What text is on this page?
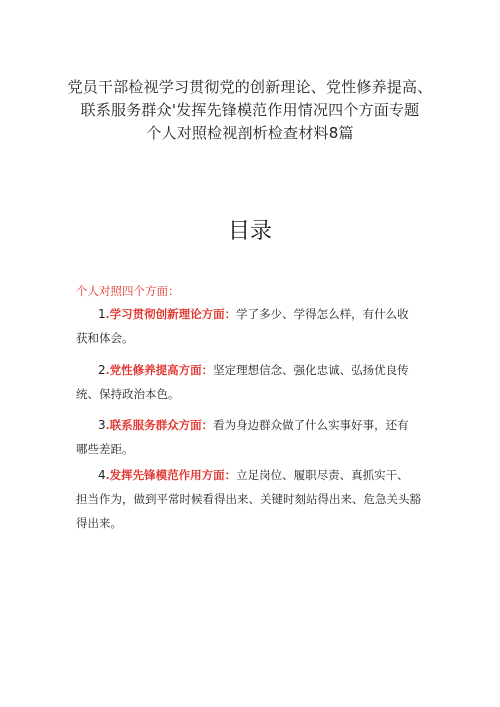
党员干部检视学习贯彻党的创新理论、党性修养提高、
联系服务群众'发挥先锋模范作用情况四个方面专题
个人对照检视剖析检查材料8篇
目录
个人对照四个方面：
1.学习贯彻创新理论方面：学了多少、学得怎么样，有什么收
获和体会。
2.党性修养提高方面：坚定理想信念、强化忠诚、弘扬优良传
统、保持政治本色。
3.联系服务群众方面：看为身边群众做了什么实事好事，还有
哪些差距。
4.发挥先锋模范作用方面：立足岗位、履职尽责、真抓实干、
担当作为，做到平常时候看得出来、关键时刻站得出来、危急关头豁
得出来。
